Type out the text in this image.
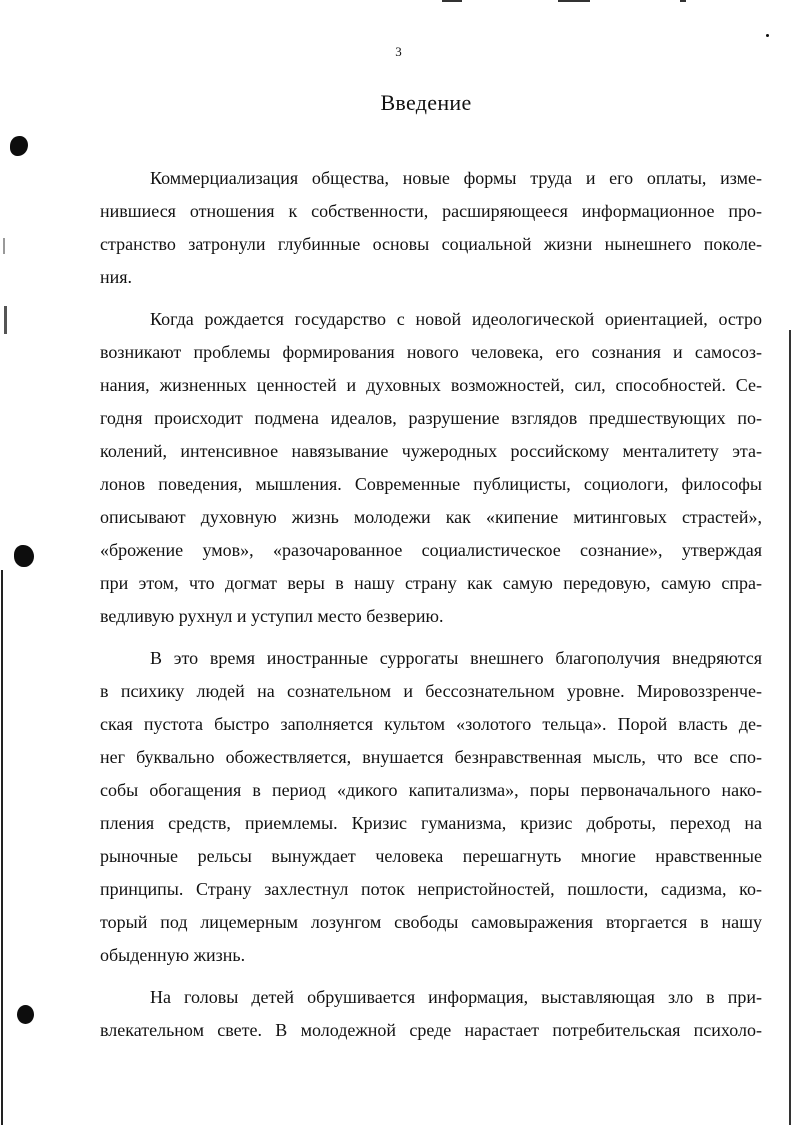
3
Введение
Коммерциализация общества, новые формы труда и его оплаты, изме-
нившиеся отношения к собственности, расширяющееся информационное про-
странство затронули глубинные основы социальной жизни нынешнего поколе-
ния.
Когда рождается государство с новой идеологической ориентацией, остро
возникают проблемы формирования нового человека, его сознания и самосоз-
нания, жизненных ценностей и духовных возможностей, сил, способностей. Се-
годня происходит подмена идеалов, разрушение взглядов предшествующих по-
колений, интенсивное навязывание чужеродных российскому менталитету эта-
лонов поведения, мышления. Современные публицисты, социологи, философы
описывают духовную жизнь молодежи как «кипение митинговых страстей»,
«брожение умов», «разочарованное социалистическое сознание», утверждая
при этом, что догмат веры в нашу страну как самую передовую, самую спра-
ведливую рухнул и уступил место безверию.
В это время иностранные суррогаты внешнего благополучия внедряются
в психику людей на сознательном и бессознательном уровне. Мировоззренче-
ская пустота быстро заполняется культом «золотого тельца». Порой власть де-
нег буквально обожествляется, внушается безнравственная мысль, что все спо-
собы обогащения в период «дикого капитализма», поры первоначального нако-
пления средств, приемлемы. Кризис гуманизма, кризис доброты, переход на
рыночные рельсы вынуждает человека перешагнуть многие нравственные
принципы. Страну захлестнул поток непристойностей, пошлости, садизма, ко-
торый под лицемерным лозунгом свободы самовыражения вторгается в нашу
обыденную жизнь.
На головы детей обрушивается информация, выставляющая зло в при-
влекательном свете. В молодежной среде нарастает потребительская психоло-
